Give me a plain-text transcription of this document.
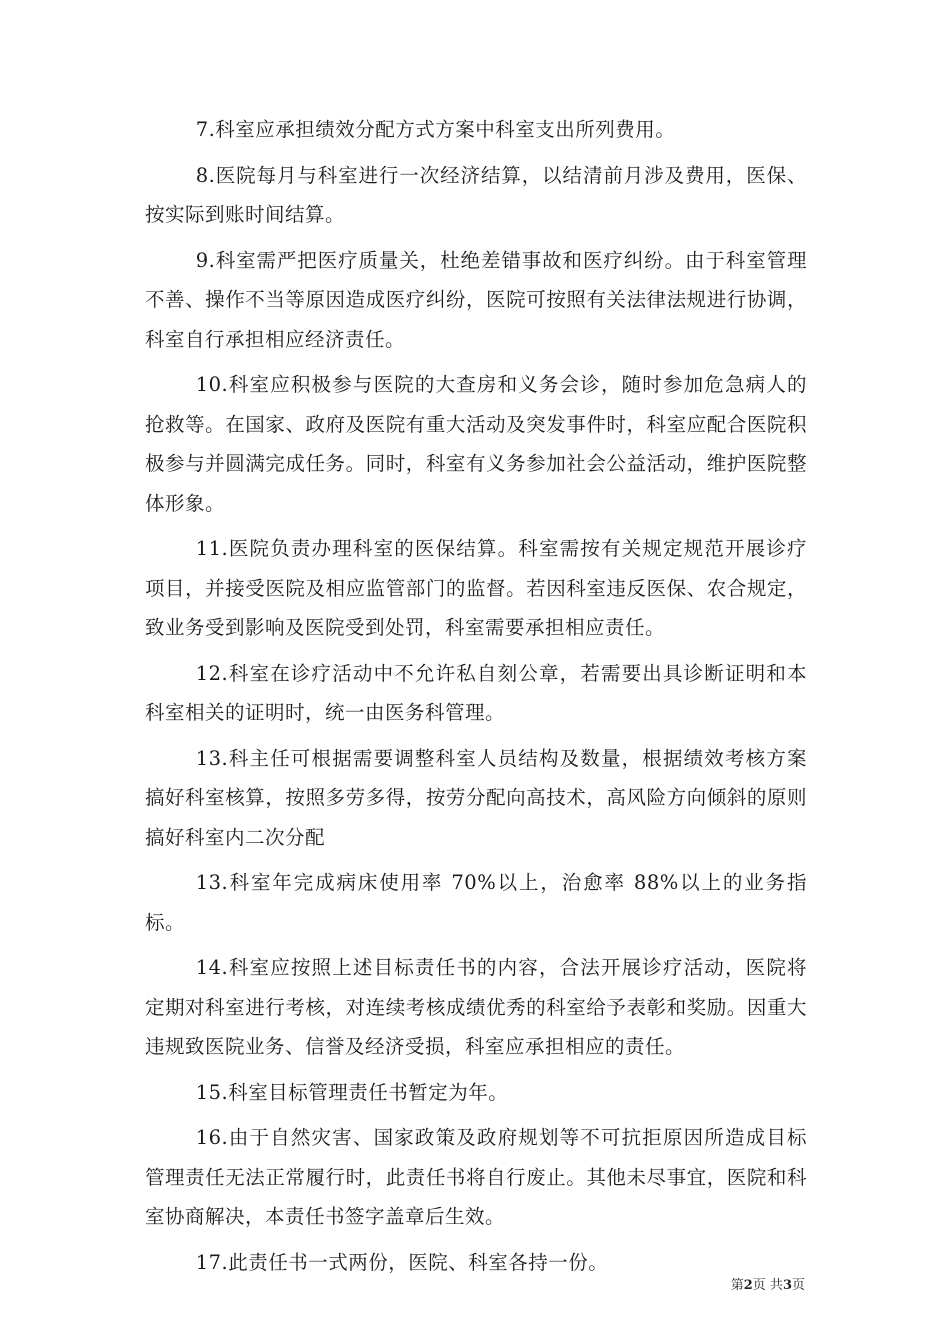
7.科室应承担绩效分配方式方案中科室支出所列费用。

8.医院每月与科室进行一次经济结算，以结清前月涉及费用，医保、按实际到账时间结算。

9.科室需严把医疗质量关，杜绝差错事故和医疗纠纷。由于科室管理不善、操作不当等原因造成医疗纠纷，医院可按照有关法律法规进行协调，科室自行承担相应经济责任。

10.科室应积极参与医院的大查房和义务会诊，随时参加危急病人的抢救等。在国家、政府及医院有重大活动及突发事件时，科室应配合医院积极参与并圆满完成任务。同时，科室有义务参加社会公益活动，维护医院整体形象。

11.医院负责办理科室的医保结算。科室需按有关规定规范开展诊疗项目，并接受医院及相应监管部门的监督。若因科室违反医保、农合规定，致业务受到影响及医院受到处罚，科室需要承担相应责任。

12.科室在诊疗活动中不允许私自刻公章，若需要出具诊断证明和本科室相关的证明时，统一由医务科管理。

13.科主任可根据需要调整科室人员结构及数量，根据绩效考核方案搞好科室核算，按照多劳多得，按劳分配向高技术，高风险方向倾斜的原则搞好科室内二次分配

13.科室年完成病床使用率 70%以上，治愈率 88%以上的业务指标。

14.科室应按照上述目标责任书的内容，合法开展诊疗活动，医院将定期对科室进行考核，对连续考核成绩优秀的科室给予表彰和奖励。因重大违规致医院业务、信誉及经济受损，科室应承担相应的责任。

15.科室目标管理责任书暂定为年。

16.由于自然灾害、国家政策及政府规划等不可抗拒原因所造成目标管理责任无法正常履行时，此责任书将自行废止。其他未尽事宜，医院和科室协商解决，本责任书签字盖章后生效。

17.此责任书一式两份，医院、科室各持一份。

第2页 共3页
